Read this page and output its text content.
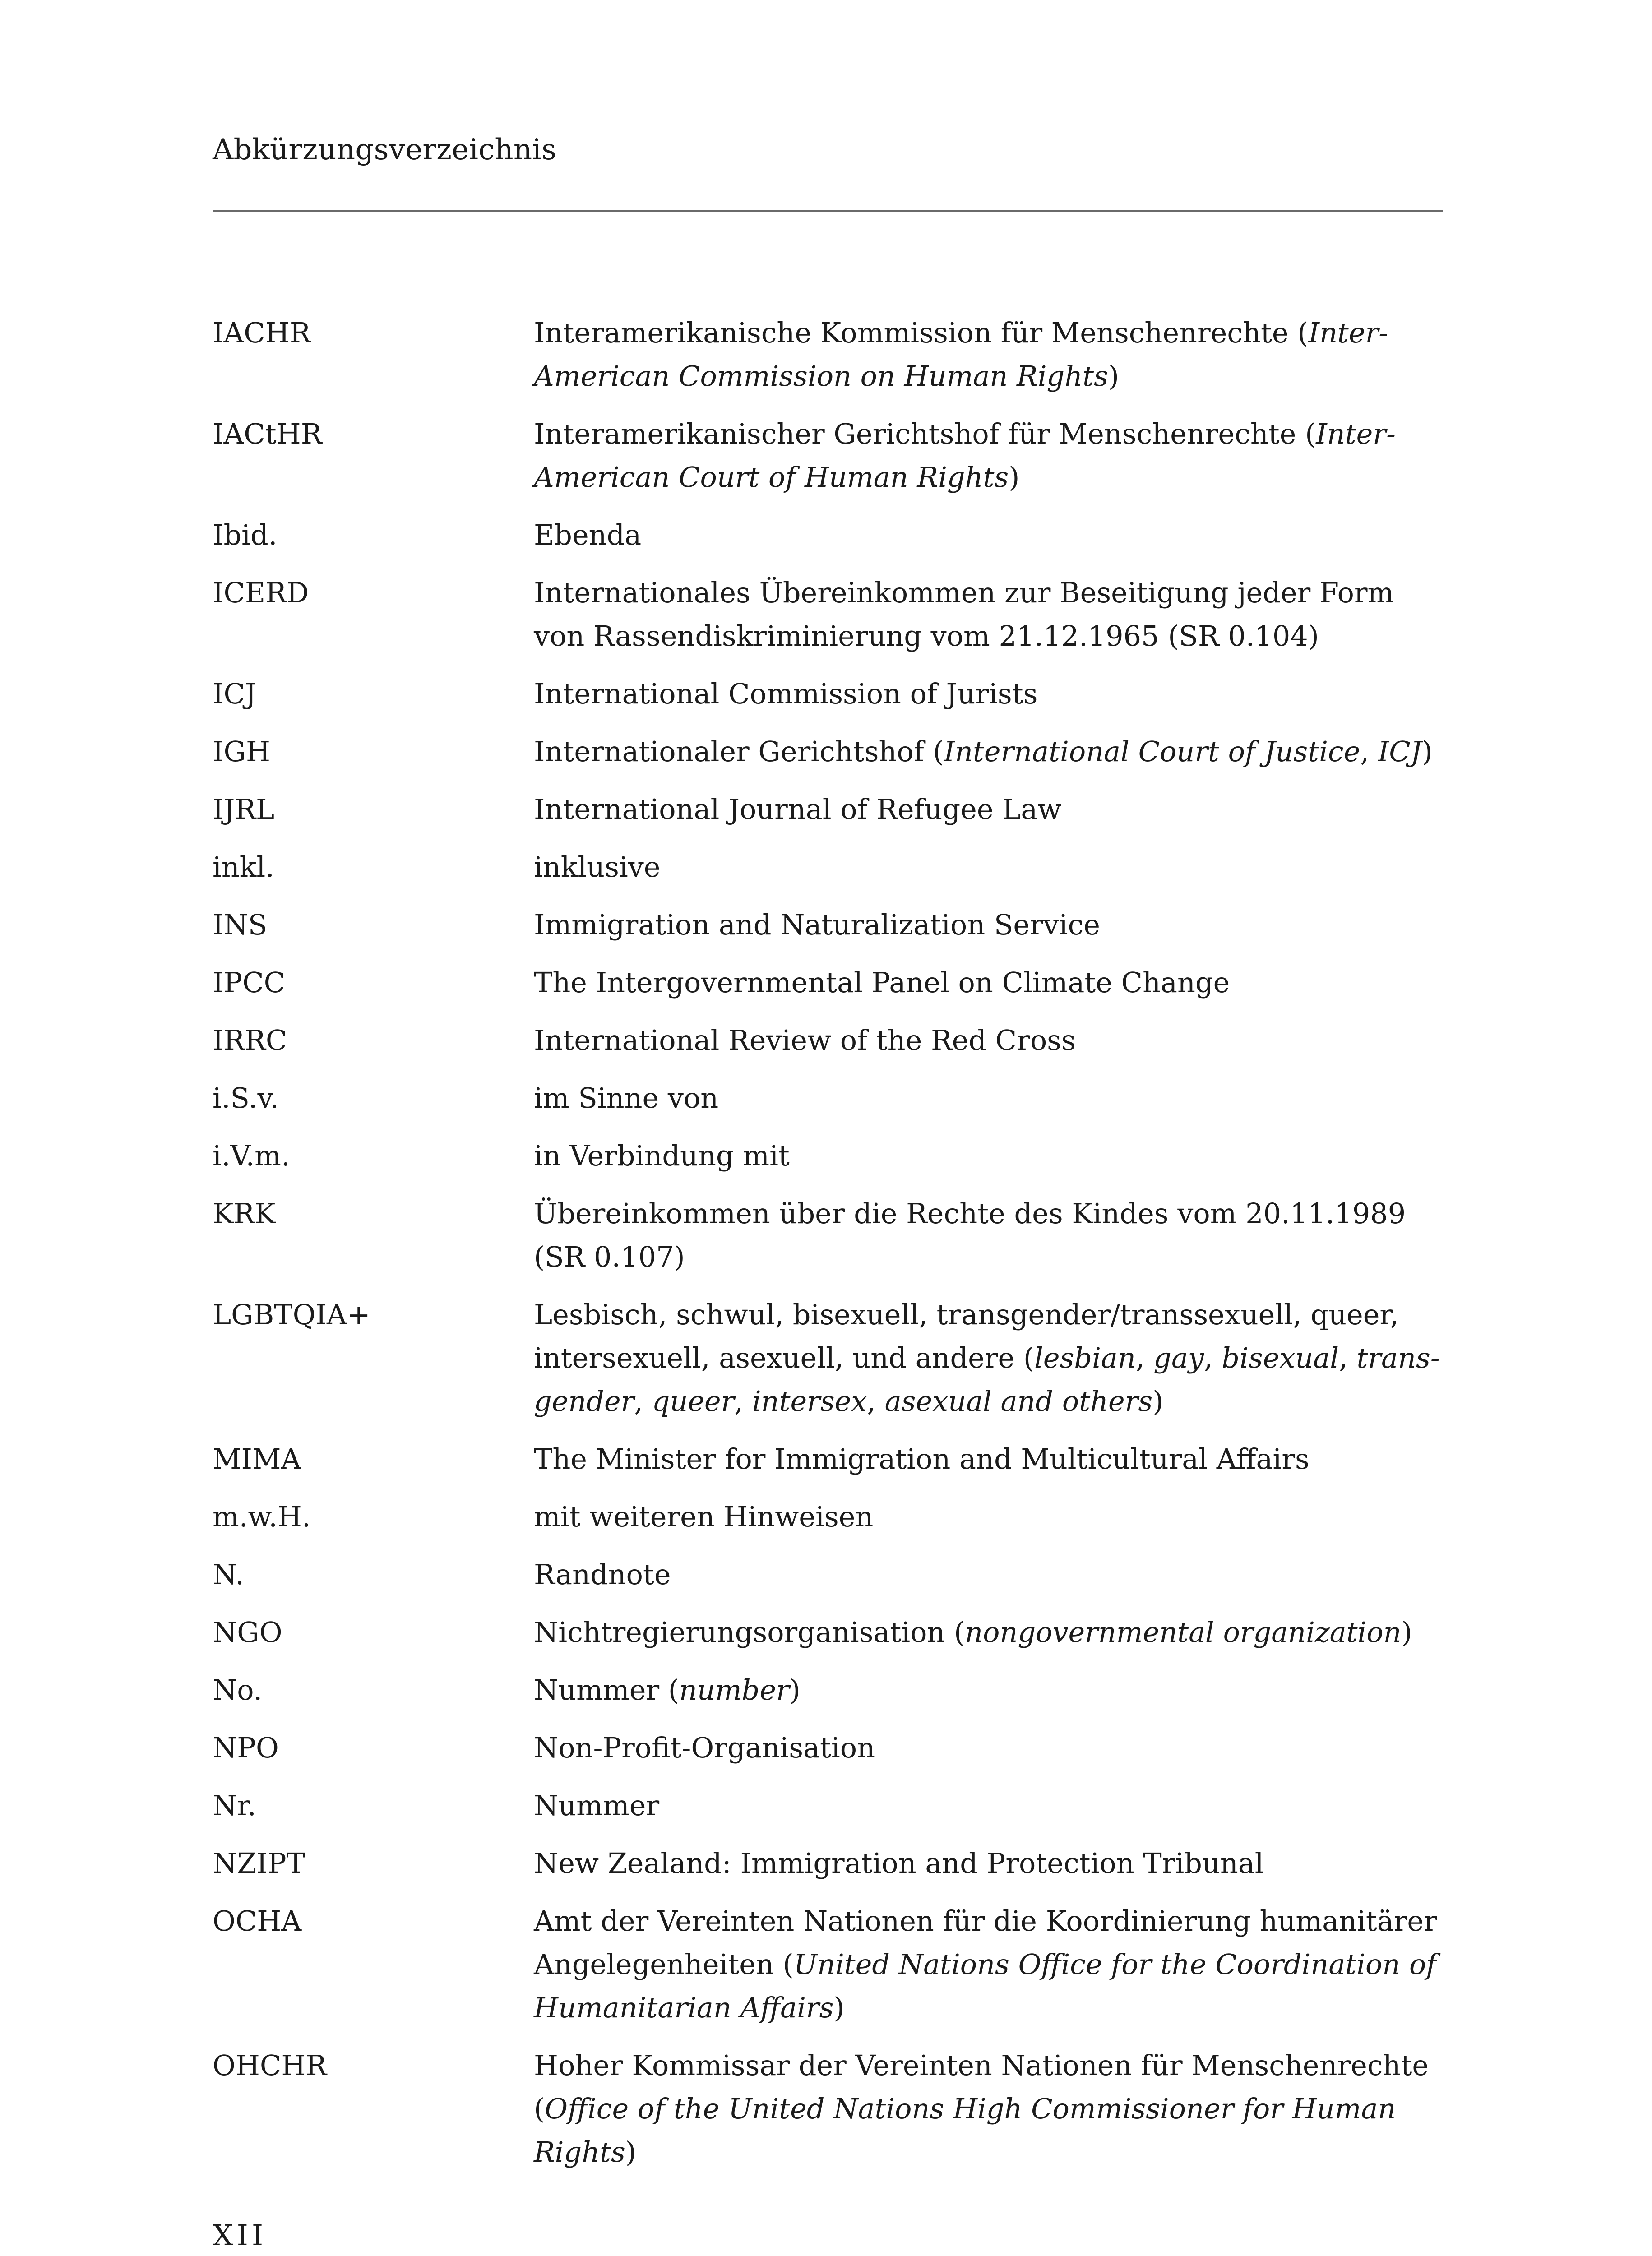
Abkürzungsverzeichnis
IACHR	Interamerikanische Kommission für Menschenrechte (Inter-
American Commission on Human Rights)
IACtHR	Interamerikanischer Gerichtshof für Menschenrechte (Inter-
American Court of Human Rights)
Ibid.	Ebenda
ICERD	Internationales Übereinkommen zur Beseitigung jeder Form
von Rassendiskriminierung vom 21.12.1965 (SR 0.104)
ICJ	International Commission of Jurists
IGH	Internationaler Gerichtshof (International Court of Justice, ICJ)
IJRL	International Journal of Refugee Law
inkl.	inklusive
INS	Immigration and Naturalization Service
IPCC	The Intergovernmental Panel on Climate Change
IRRC	International Review of the Red Cross
i.S.v.	im Sinne von
i.V.m.	in Verbindung mit
KRK	Übereinkommen über die Rechte des Kindes vom 20.11.1989
(SR 0.107)
LGBTQIA+	Lesbisch, schwul, bisexuell, transgender/transsexuell, queer,
intersexuell, asexuell, und andere (lesbian, gay, bisexual, trans-
gender, queer, intersex, asexual and others)
MIMA	The Minister for Immigration and Multicultural Affairs
m.w.H.	mit weiteren Hinweisen
N.	Randnote
NGO	Nichtregierungsorganisation (nongovernmental organization)
No.	Nummer (number)
NPO	Non-Profit-Organisation
Nr.	Nummer
NZIPT	New Zealand: Immigration and Protection Tribunal
OCHA	Amt der Vereinten Nationen für die Koordinierung humanitärer
Angelegenheiten (United Nations Office for the Coordination of
Humanitarian Affairs)
OHCHR	Hoher Kommissar der Vereinten Nationen für Menschenrechte
(Office of the United Nations High Commissioner for Human
Rights)
XII
